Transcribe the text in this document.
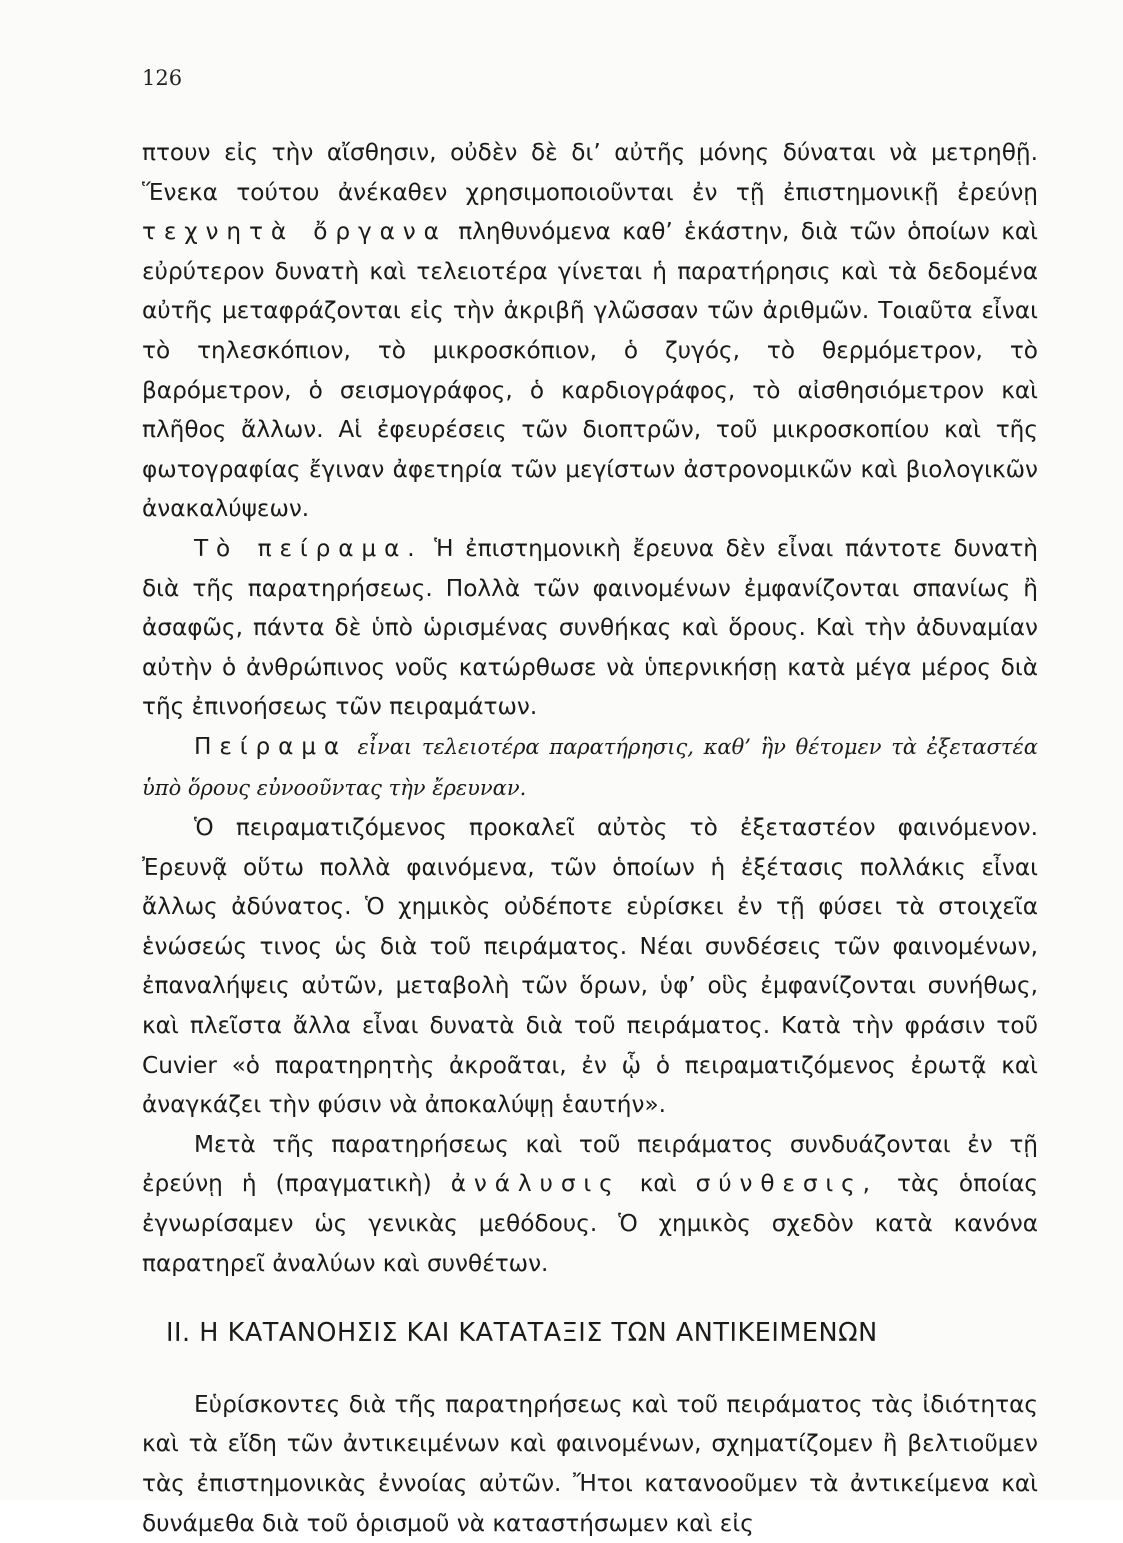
126

πτουν εἰς τὴν αἴσθησιν, οὐδὲν δὲ δι’ αὐτῆς μόνης δύναται νὰ μετρηθῇ. Ἕνεκα τούτου ἀνέκαθεν χρησιμοποιοῦνται ἐν τῇ ἐπιστημονικῇ ἐρεύνῃ τεχνητὰ ὄργανα πληθυνόμενα καθ’ ἑκάστην, διὰ τῶν ὁποίων καὶ εὐρύτερον δυνατὴ καὶ τελειοτέρα γίνεται ἡ παρατήρησις καὶ τὰ δεδομένα αὐτῆς μεταφράζονται εἰς τὴν ἀκριβῆ γλῶσσαν τῶν ἀριθμῶν. Τοιαῦτα εἶναι τὸ τηλεσκόπιον, τὸ μικροσκόπιον, ὁ ζυγός, τὸ θερμόμετρον, τὸ βαρόμετρον, ὁ σεισμογράφος, ὁ καρδιογράφος, τὸ αἰσθησιόμετρον καὶ πλῆθος ἄλλων. Αἱ ἐφευρέσεις τῶν διοπτρῶν, τοῦ μικροσκοπίου καὶ τῆς φωτογραφίας ἔγιναν ἀφετηρία τῶν μεγίστων ἀστρονομικῶν καὶ βιολογικῶν ἀνακαλύψεων.

Τὸ πείραμα. Ἡ ἐπιστημονικὴ ἔρευνα δὲν εἶναι πάντοτε δυνατὴ διὰ τῆς παρατηρήσεως. Πολλὰ τῶν φαινομένων ἐμφανίζονται σπανίως ἢ ἀσαφῶς, πάντα δὲ ὑπὸ ὡρισμένας συνθήκας καὶ ὅρους. Καὶ τὴν ἀδυναμίαν αὐτὴν ὁ ἀνθρώπινος νοῦς κατώρθωσε νὰ ὑπερνικήσῃ κατὰ μέγα μέρος διὰ τῆς ἐπινοήσεως τῶν πειραμάτων.

Πείραμα εἶναι τελειοτέρα παρατήρησις, καθ’ ἣν θέτομεν τὰ ἐξεταστέα ὑπὸ ὅρους εὐνοοῦντας τὴν ἔρευναν.

Ὁ πειραματιζόμενος προκαλεῖ αὐτὸς τὸ ἐξεταστέον φαινόμενον. Ἐρευνᾷ οὕτω πολλὰ φαινόμενα, τῶν ὁποίων ἡ ἐξέτασις πολλάκις εἶναι ἄλλως ἀδύνατος. Ὁ χημικὸς οὐδέποτε εὑρίσκει ἐν τῇ φύσει τὰ στοιχεῖα ἑνώσεώς τινος ὡς διὰ τοῦ πειράματος. Νέαι συνδέσεις τῶν φαινομένων, ἐπαναλήψεις αὐτῶν, μεταβολὴ τῶν ὅρων, ὑφ’ οὓς ἐμφανίζονται συνήθως, καὶ πλεῖστα ἄλλα εἶναι δυνατὰ διὰ τοῦ πειράματος. Κατὰ τὴν φράσιν τοῦ Cuvier «ὁ παρατηρητὴς ἀκροᾶται, ἐν ᾧ ὁ πειραματιζόμενος ἐρωτᾷ καὶ ἀναγκάζει τὴν φύσιν νὰ ἀποκαλύψῃ ἑαυτήν».

Μετὰ τῆς παρατηρήσεως καὶ τοῦ πειράματος συνδυάζονται ἐν τῇ ἐρεύνῃ ἡ (πραγματικὴ) ἀνάλυσις καὶ σύνθεσις, τὰς ὁποίας ἐγνωρίσαμεν ὡς γενικὰς μεθόδους. Ὁ χημικὸς σχεδὸν κατὰ κανόνα παρατηρεῖ ἀναλύων καὶ συνθέτων.

ΙΙ. Η ΚΑΤΑΝΟΗΣΙΣ ΚΑΙ ΚΑΤΑΤΑΞΙΣ ΤΩΝ ΑΝΤΙΚΕΙΜΕΝΩΝ

Εὑρίσκοντες διὰ τῆς παρατηρήσεως καὶ τοῦ πειράματος τὰς ἰδιότητας καὶ τὰ εἴδη τῶν ἀντικειμένων καὶ φαινομένων, σχηματίζομεν ἢ βελτιοῦμεν τὰς ἐπιστημονικὰς ἐννοίας αὐτῶν. Ἤτοι κατανοοῦμεν τὰ ἀντικείμενα καὶ δυνάμεθα διὰ τοῦ ὁρισμοῦ νὰ καταστήσωμεν καὶ εἰς
